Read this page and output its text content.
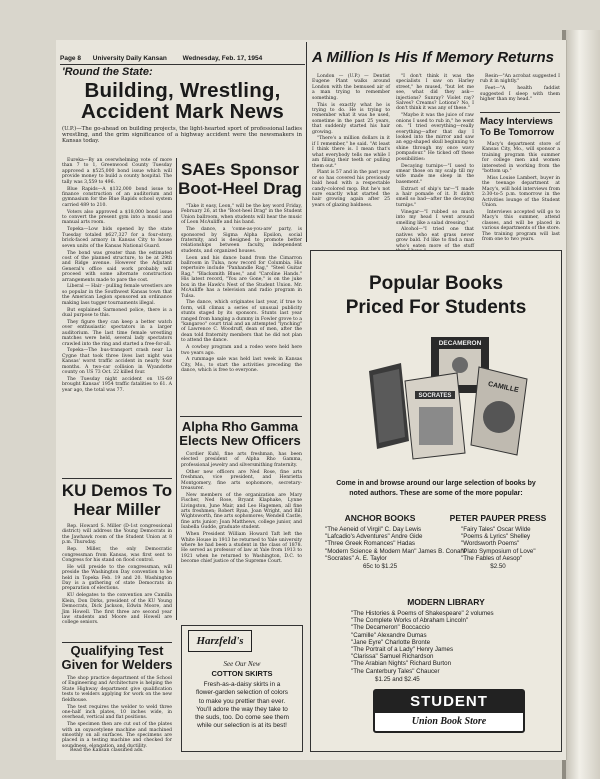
Page 8 University Daily Kansan Wednesday, Feb. 17, 1954
'Round the State:
Building, Wrestling, Accident Mark News
(U.P.)—The go-ahead on building projects, the light-hearted sport of professional ladies wrestling, and the grim significance of a highway accident were the newsmakers in Kansas today.

Eureka—By an overwhelming vote of more than 7 to 1, Greenwood County Tuesday approved a $525,000 bond issue which will provide money to build a county hospital. The tally was 3,559 to 496.

Blue Rapids—A $132,000 bond issue to finance construction of an auditorium and gymnasium for the Blue Rapids school system carried 489 to 210.

Voters also approved a $18,000 bond issue to convert the present gym into a music and manual arts room.

Topeka—Low bids opened by the state Tuesday totaled $627,327 for a four-story, brick-faced armory in Kansas City to house seven units of the Kansas National Guard.

The bond was greater than the estimated cost of the planned structure, to be at 29th and Ridge avenue. However the Adjutant General's office said work probably will proceed with some alternate construction arrangements made to pare the cost.

Liberal — Hair - pulling female wrestlers are so popular in the Southwest Kansas town that the American Legion sponsored an ordinance making lass tugger tournaments illegal.

But explained Sarmoned police, there is a dual purpose to this.

They figure they can keep a better watch over enthusiastic spectators in a larger auditorium. The last time female wrestling matches were held, several lady spectators crawled into the ring and started a free-for-all.

Topeka—The bus-transport crash near La Cygne that took three lives last night was Kansas' worst traffic accident in nearly four months. A two-car collision in Wyandotte county on US 73 Oct. 22 killed four.

The Tuesday night accident on US-69 brought Kansas' 1954 traffic fatalities to 61. A year ago, the total was 77.

SAEs Sponsor Boot-Heel Drag

"Take it easy, Leon," will be the key word Friday, February 26, at the "Boot-heel Drag" in the Student Union ballroom, when students will hear the music of Leon McAuliffe and his band.

The dance, a 'come-as-you-are' party, is sponsored by Sigma Alpha Epsilon, social fraternity, and is designed to promote better relationships between faculty, independent students, and organized houses.

Leon and his dance band from the Cimarron ballroom in Tulsa, now record for Columbia. His repertoire include "Panhandle Rag," "Steel Guitar Rag," "Blacksmith Blues," and "Caroline Hands." His latest record, "You are Gone," is on the juke box in the Hawk's Nest of the Student Union. Mr. McAuliffe has a television and radio program in Tulsa.

The dance, which originates last year, if true to form, will climax a series of unusual publicity stunts staged by its sponsors. Stunts last year ranged from hanging a dummy in Fowler grove to a "kangaroo" court trial and an attempted "lynching" of Lawrence C. Woodruff, dean of men, after the dean told fraternity members that he did not plan to attend the dance.

A cowboy program and a rodeo were held here two years ago.

A rummage sale was held last week in Kansas City, Mo., to start the activities preceding the dance, which is free to everyone.

Alpha Rho Gamma Elects New Officers

Cordier Kuhl, fine arts freshman, has been elected president of Alpha Rho Gamma, professional jewelry and silversmithing fraternity.

Other new officers are Ned Rose, fine arts freshman, vice president, and Henrietta Montgomery, fine arts sophomore, secretary-treasurer.

New members of the organization are Mary Fischer, Ned Rose, Bryant Klaphake, Lynne Livingston, June Mair, and Leo Hagemen, all fine arts freshmen; Robert Ryan, Joan Wright, and Bill Wightsworth, fine arts sophomores; Wendell Castle, fine arts junior; Joan Matthews, college junior, and Isabella Gudde, graduate student.

When President William Howard Taft left the White House in 1913 he returned to Yale university where he had been a student in the class of 1878. He served as professor of law at Yale from 1913 to 1921 when he returned to Washington, D.C. to become chief justice of the Supreme Court.

KU Demos To Hear Miller

Rep. Howard S. Miller (D-1st congressional district) will address the Young Democrats in the Jawhawk room of the Student Union at 8 p.m. Thursday.

Rep. Miller, the only Democratic congressman from Kansas, was first sent to Congress for his stand on flood control.

He will preside to the congressman, will preside the Washington Day convention to be held in Topeka Feb. 19 and 20. Washington Day is a gathering of state Democrats in preparation of elections.

KU delegates to the convention are Camilla Klein, Don Dirks, president of the KU Young Democrats, Dick Jackson, Edwin Moore, and Jim Howell. The first three are second year law students and Moore and Howell are college seniors.

Qualifying Test Given for Welders

The shop practice department of the School of Engineering and Architecture is helping the State Highway department give qualification tests to welders applying for work on the new fieldhouse.

The test requires the welder to weld three one-half inch plates, 10 inches wide, in overhead, vertical and flat positions.

The specimen then are cut out of the plates with an oxyacetylene machine and machined smoothly on all surfaces. The specimens are placed in a testing machine and checked for soundness, elongation, and ductility.

Read the Kansan classified ads.
Harzfeld's
See Our New
COTTON SKIRTS
Fresh-as-a-daisy skirts in a flower-garden selection of colors to make you prettier than ever. You'll adore the way they take to the suds, too. Do come see them while our selection is at its best!
A Million Is His If Memory Returns

London — (U.P.) — Dentist Eugene Plant walks around London with the bemused air of a man trying to remember something.

This is exactly what he is trying to do. He is trying to remember what it was he used, sometime in the past 25 years, that suddenly started his hair growing.

"There's a million dollars in it if I remember," he said. "At least I think there is. I mean that's what everybody tells me while I am filling their teeth or pulling them out."

Plant is 57 and in the past year or so has covered his previously bald head with a respectable candy-colored mop. But he's not sure exactly what started the hair growing again after 25 years of glazing baldness.

"I don't think it was the specialists I saw on Harley street," he mused, "but let me see, what did they ask—injections? Sunray? Violet ray? Salves? Creams? Lotions? No, I don't think it was any of these."

"Maybe it was the juice of raw onions I used to rub in," he went on. "I tried everything—really everything—after that day I looked into the mirror and saw an egg-shaped skull beginning to shine through my once wavy pompadour." He ticked off these possibilities:

Decaying turnips—"I used to smear those on my scalp till my wife made me sleep in the basement."

Extract of ship's tar—"I made a hair pomade of it. It didn't smell so bad—after the decaying turnips."

Vinegar—"I rubbed so much into my head I went around smelling like a salad dressing."

Alcohol—"I tried one that natives who eat grass never grow bald. I'd like to find a man who's eaten more of the stuff

Resin—"An acrobat suggested I rub it in nightly."

Feet—"A health faddist suggested I sleep with them higher than my head."

Macy Interviews To Be Tomorrow

Macy's department store of Kansas City, Mo., will sponsor a training program this summer for college men and women interested in working from the "bottom up."

Miss Louise Lambert, buyer in the teenage department at Macy's, will hold interviews from 2:30-to-5 p.m. tomorrow in the Activities lounge of the Student Union.

Interviews accepted will go to Macy's this summer, attend classes, and will be placed in various departments of the store. The training program will last from one to two years.

Popular Books
Priced For Students
DECAMERON
SOCRATES
CAMILLE
Come in and browse around our large selection of books by noted authors. These are some of the more popular:
ANCHOR BOOKS
"The Aeneid of Virgil" C. Day Lewis
"Lafcadio's Adventures" Andre Gide
"Three Greek Romances" Hadas
"Modern Science & Modern Man" James B. Conant
"Socrates" A. E. Taylor
65c to $1.25
PETER PAUPER PRESS
"Fairy Tales" Oscar Wilde
"Poems & Lyrics" Shelley
"Wordsworth Poems"
"Plato Symposium of Love"
"The Fables of Aesop"
$2.50
MODERN LIBRARY
"The Histories & Poems of Shakespeare" 2 volumes
"The Complete Works of Abraham Lincoln"
"The Decameron" Boccaccio
"Camille" Alexandre Dumas
"Jane Eyre" Charlotte Bronte
"The Portrait of a Lady" Henry James
"Clarissa" Samuel Richardson
"The Arabian Nights" Richard Burton
"The Canterbury Tales" Chaucer
$1.25 and $2.45
STUDENT
Union Book Store
